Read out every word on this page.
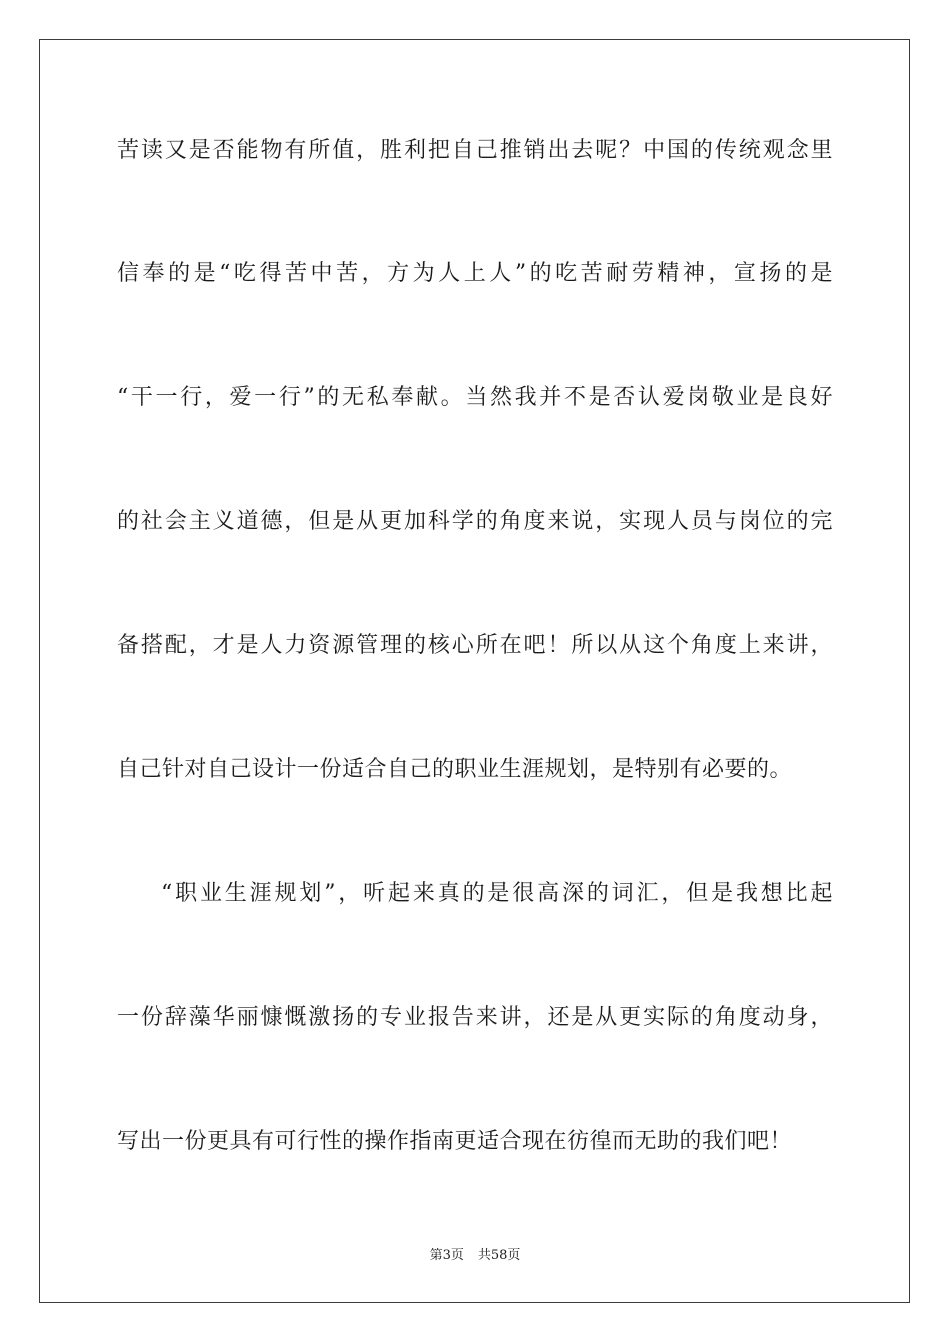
苦读又是否能物有所值，胜利把自己推销出去呢？中国的传统观念里
信奉的是“吃得苦中苦，方为人上人”的吃苦耐劳精神，宣扬的是
“干一行，爱一行”的无私奉献。当然我并不是否认爱岗敬业是良好
的社会主义道德，但是从更加科学的角度来说，实现人员与岗位的完
备搭配，才是人力资源管理的核心所在吧！所以从这个角度上来讲，
自己针对自己设计一份适合自己的职业生涯规划，是特别有必要的。
“职业生涯规划”，听起来真的是很高深的词汇，但是我想比起
一份辞藻华丽慷慨激扬的专业报告来讲，还是从更实际的角度动身，
写出一份更具有可行性的操作指南更适合现在彷徨而无助的我们吧！
第3页 共58页
